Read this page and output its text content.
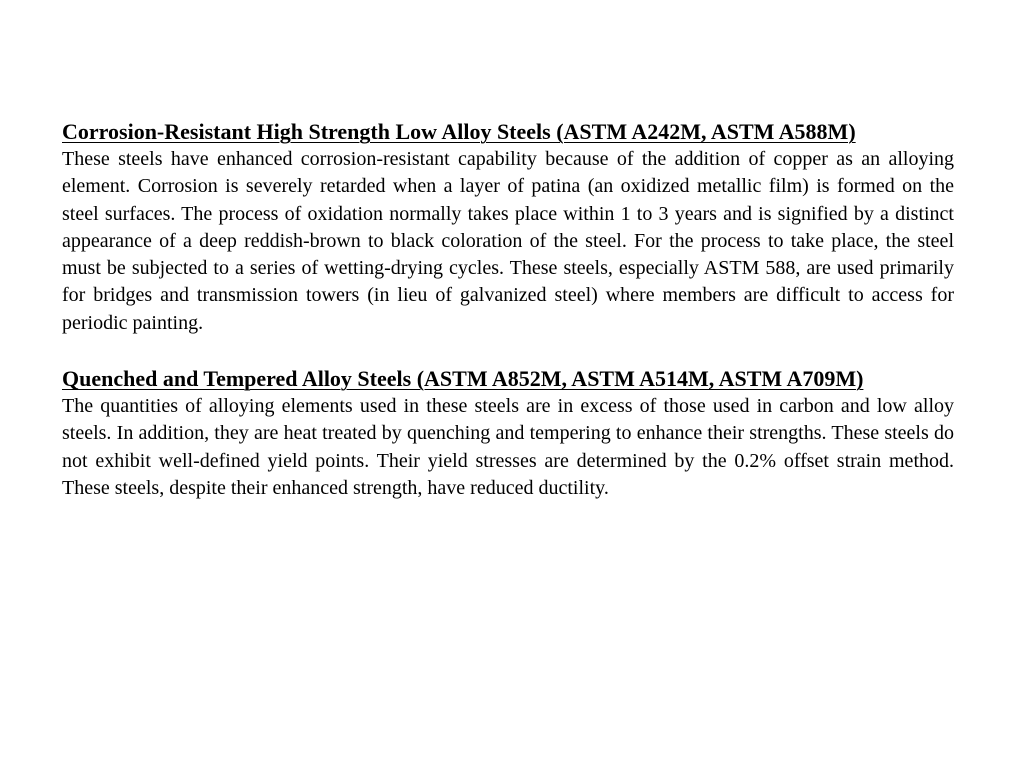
Corrosion-Resistant High Strength Low Alloy Steels (ASTM A242M, ASTM A588M)

These steels have enhanced corrosion-resistant capability because of the addition of copper as an alloying element. Corrosion is severely retarded when a layer of patina (an oxidized metallic film) is formed on the steel surfaces. The process of oxidation normally takes place within 1 to 3 years and is signified by a distinct appearance of a deep reddish-brown to black coloration of the steel. For the process to take place, the steel must be subjected to a series of wetting-drying cycles. These steels, especially ASTM 588, are used primarily for bridges and transmission towers (in lieu of galvanized steel) where members are difficult to access for periodic painting.

Quenched and Tempered Alloy Steels (ASTM A852M, ASTM A514M, ASTM A709M)

The quantities of alloying elements used in these steels are in excess of those used in carbon and low alloy steels. In addition, they are heat treated by quenching and tempering to enhance their strengths. These steels do not exhibit well-defined yield points. Their yield stresses are determined by the 0.2% offset strain method. These steels, despite their enhanced strength, have reduced ductility.
